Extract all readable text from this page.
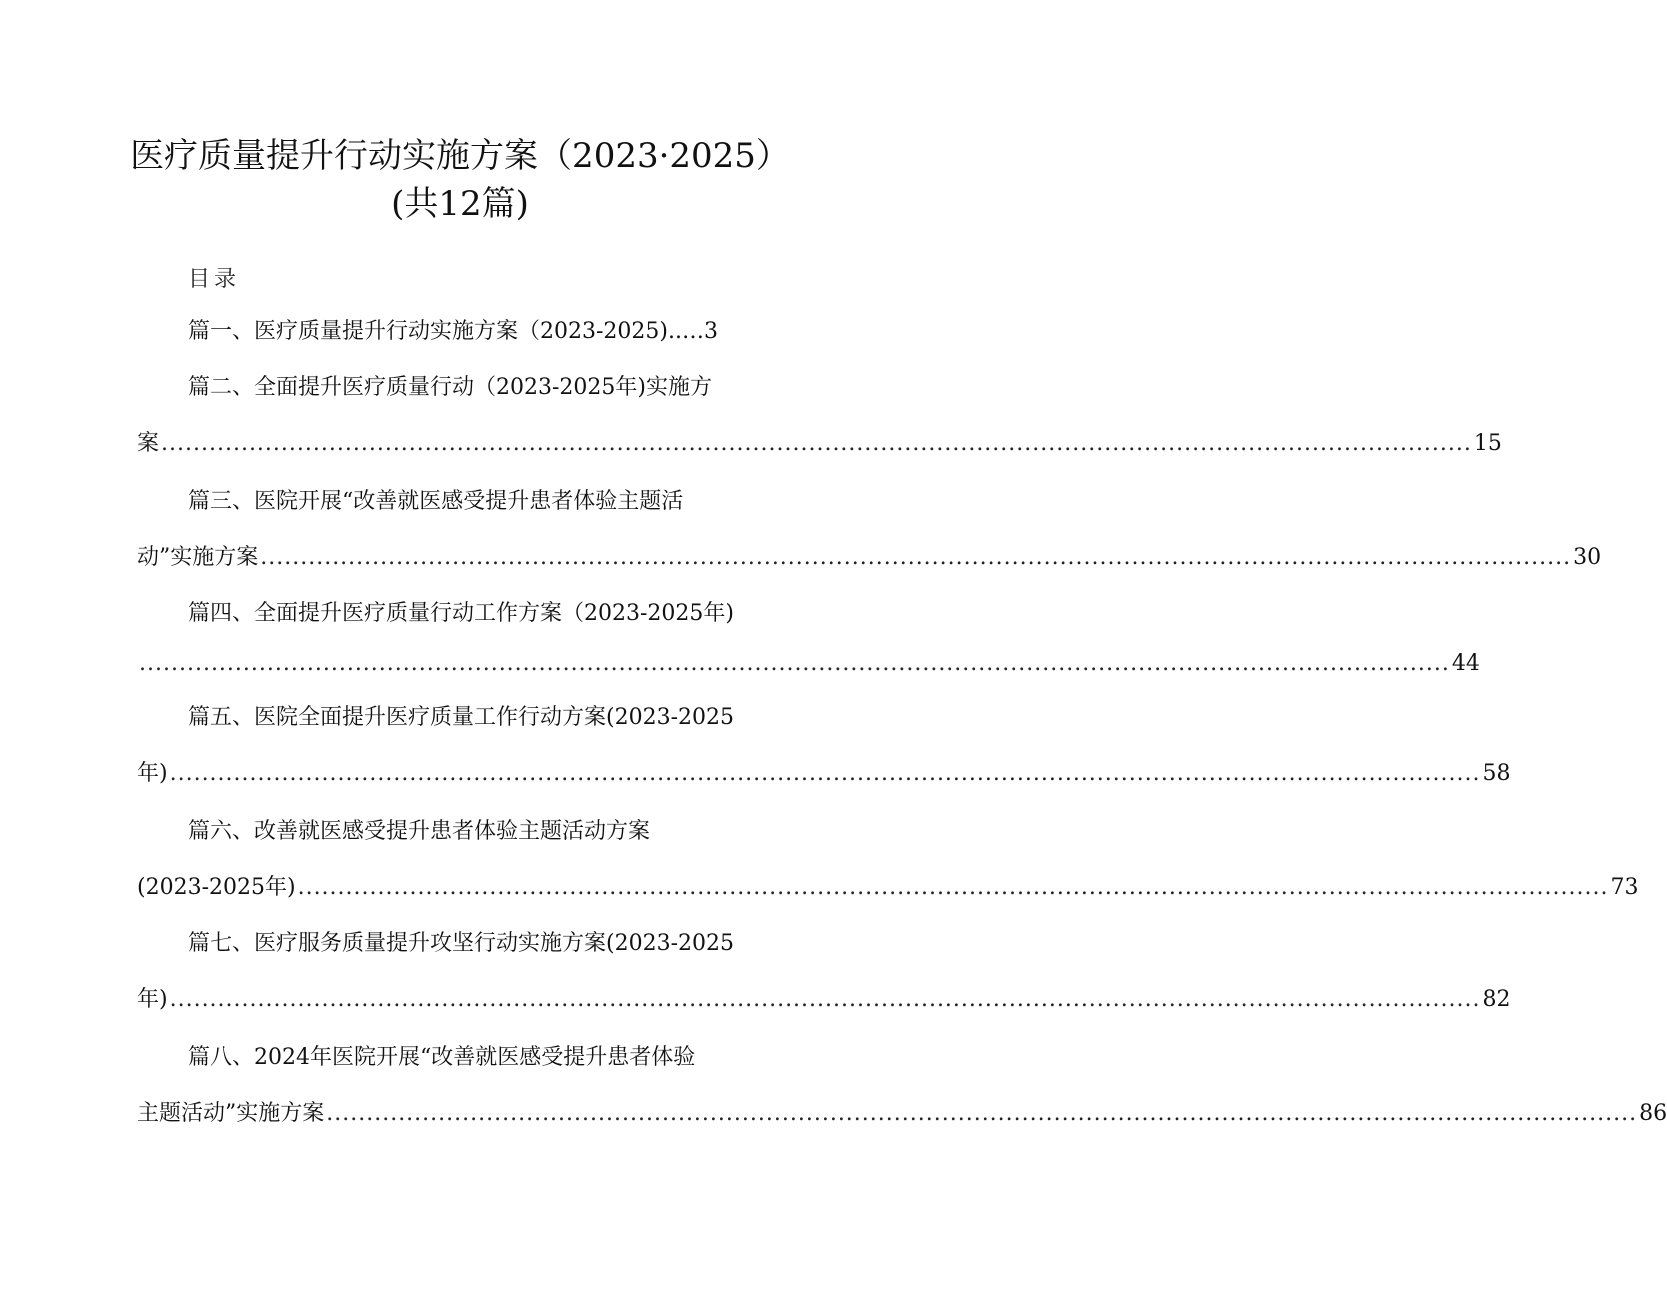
医疗质量提升行动实施方案（2023·2025）
(共12篇)
目录
篇一、医疗质量提升行动实施方案（2023-2025)..…3
篇二、全面提升医疗质量行动（2023-2025年)实施方
案 .................................................................................................................................................................... 15
篇三、医院开展“改善就医感受提升患者体验主题活
动”实施方案 .................................................................................................................................................................... 30
篇四、全面提升医疗质量行动工作方案（2023-2025年)
.................................................................................................................................................................... 44
篇五、医院全面提升医疗质量工作行动方案(2023-2025
年) .................................................................................................................................................................... 58
篇六、改善就医感受提升患者体验主题活动方案
(2023-2025年) .................................................................................................................................................................... 73
篇七、医疗服务质量提升攻坚行动实施方案(2023-2025
年) .................................................................................................................................................................... 82
篇八、2024年医院开展“改善就医感受提升患者体验
主题活动”实施方案 .................................................................................................................................................................... 86
